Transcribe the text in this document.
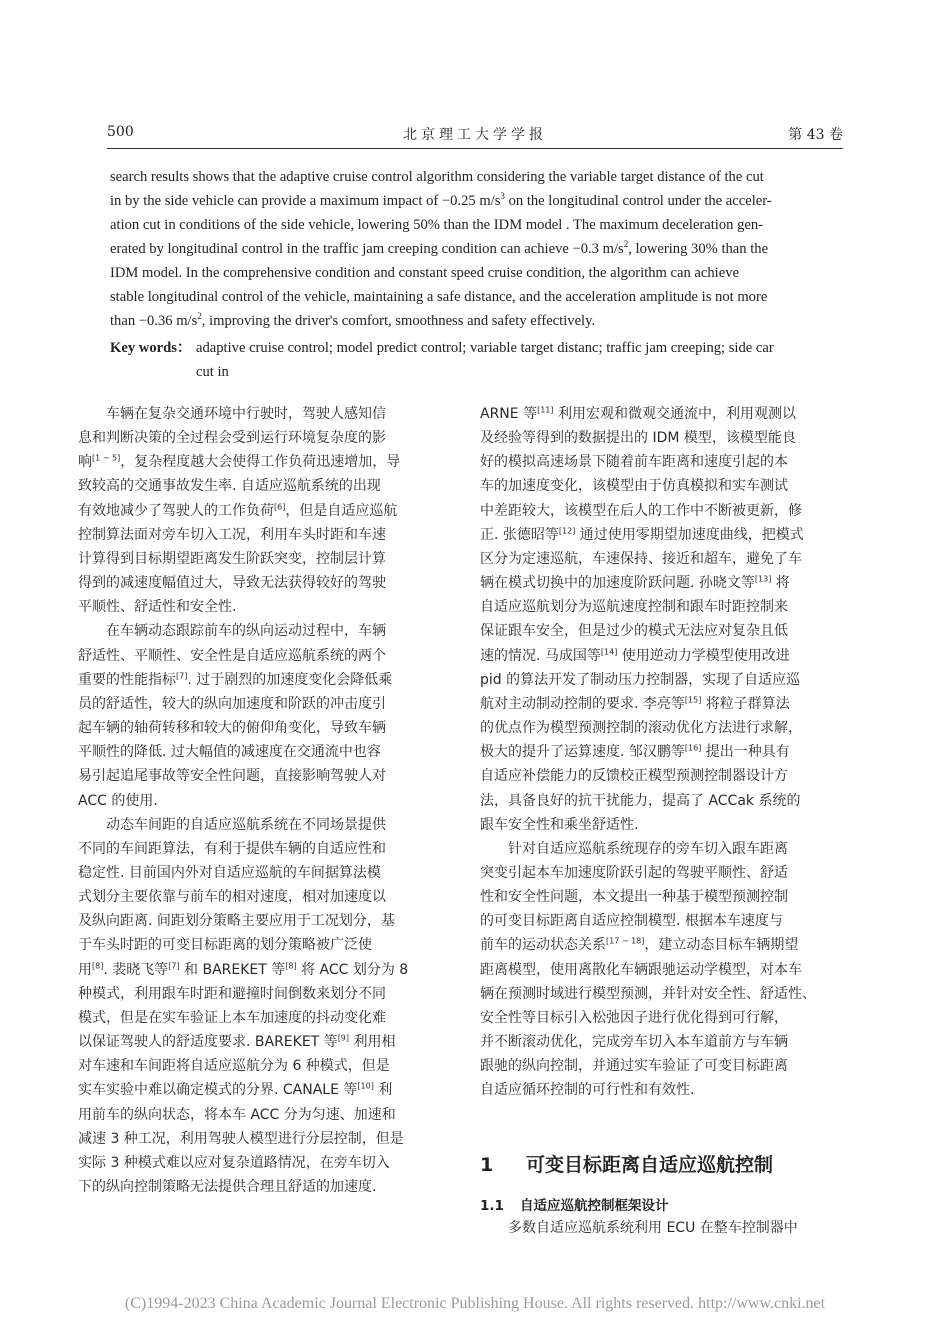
500	北京理工大学学报	第 43 卷
search results shows that the adaptive cruise control algorithm considering the variable target distance of the cut
in by the side vehicle can provide a maximum impact of −0.25 $m/s^3$ on the longitudinal control under the acceler-
ation cut in conditions of the side vehicle, lowering 50% than the IDM model . The maximum deceleration gen-
erated by longitudinal control in the traffic jam creeping condition can achieve −0.3 $m/s^2$, lowering 30% than the
IDM model. In the comprehensive condition and constant speed cruise condition, the algorithm can achieve
stable longitudinal control of the vehicle, maintaining a safe distance, and the acceleration amplitude is not more
than −0.36 $m/s^2$, improving the driver's comfort, smoothness and safety effectively.
Key words： adaptive cruise control; model predict control; variable target distanc; traffic jam creeping; side car
cut in
车辆在复杂交通环境中行驶时，驾驶人感知信
息和判断决策的全过程会受到运行环境复杂度的影
响[1 − 5]，复杂程度越大会使得工作负荷迅速增加，导
致较高的交通事故发生率. 自适应巡航系统的出现
有效地减少了驾驶人的工作负荷[6]，但是自适应巡航
控制算法面对旁车切入工况，利用车头时距和车速
计算得到目标期望距离发生阶跃突变，控制层计算
得到的减速度幅值过大，导致无法获得较好的驾驶
平顺性、舒适性和安全性.
在车辆动态跟踪前车的纵向运动过程中，车辆
舒适性、平顺性、安全性是自适应巡航系统的两个
重要的性能指标[7]. 过于剧烈的加速度变化会降低乘
员的舒适性，较大的纵向加速度和阶跃的冲击度引
起车辆的轴荷转移和较大的俯仰角变化，导致车辆
平顺性的降低. 过大幅值的减速度在交通流中也容
易引起追尾事故等安全性问题，直接影响驾驶人对
ACC 的使用.
动态车间距的自适应巡航系统在不同场景提供
不同的车间距算法，有利于提供车辆的自适应性和
稳定性. 目前国内外对自适应巡航的车间据算法模
式划分主要依靠与前车的相对速度，相对加速度以
及纵向距离. 间距划分策略主要应用于工况划分，基
于车头时距的可变目标距离的划分策略被广泛使
用[8]. 裴晓飞等[7] 和 BAREKET 等[8] 将 ACC 划分为 8
种模式，利用跟车时距和避撞时间倒数来划分不同
模式，但是在实车验证上本车加速度的抖动变化难
以保证驾驶人的舒适度要求. BAREKET 等[9] 利用相
对车速和车间距将自适应巡航分为 6 种模式，但是
实车实验中难以确定模式的分界. CANALE 等[10] 利
用前车的纵向状态，将本车 ACC 分为匀速、加速和
减速 3 种工况，利用驾驶人模型进行分层控制，但是
实际 3 种模式难以应对复杂道路情况，在旁车切入
下的纵向控制策略无法提供合理且舒适的加速度.
ARNE 等[11] 利用宏观和微观交通流中，利用观测以
及经验等得到的数据提出的 IDM 模型，该模型能良
好的模拟高速场景下随着前车距离和速度引起的本
车的加速度变化，该模型由于仿真模拟和实车测试
中差距较大，该模型在后人的工作中不断被更新，修
正. 张德昭等[12] 通过使用零期望加速度曲线，把模式
区分为定速巡航，车速保持、接近和超车，避免了车
辆在模式切换中的加速度阶跃问题. 孙晓文等[13] 将
自适应巡航划分为巡航速度控制和跟车时距控制来
保证跟车安全，但是过少的模式无法应对复杂且低
速的情况. 马成国等[14] 使用逆动力学模型使用改进
pid 的算法开发了制动压力控制器，实现了自适应巡
航对主动制动控制的要求. 李亮等[15] 将粒子群算法
的优点作为模型预测控制的滚动优化方法进行求解，
极大的提升了运算速度. 邹汉鹏等[16] 提出一种具有
自适应补偿能力的反馈校正模型预测控制器设计方
法，具备良好的抗干扰能力，提高了 ACCak 系统的
跟车安全性和乘坐舒适性.
针对自适应巡航系统现存的旁车切入跟车距离
突变引起本车加速度阶跃引起的驾驶平顺性、舒适
性和安全性问题，本文提出一种基于模型预测控制
的可变目标距离自适应控制模型. 根据本车速度与
前车的运动状态关系[17 − 18]，建立动态目标车辆期望
距离模型，使用离散化车辆跟驰运动学模型，对本车
辆在预测时域进行模型预测，并针对安全性、舒适性、
安全性等目标引入松弛因子进行优化得到可行解，
并不断滚动优化，完成旁车切入本车道前方与车辆
跟驰的纵向控制，并通过实车验证了可变目标距离
自适应循环控制的可行性和有效性.
1 可变目标距离自适应巡航控制
1.1 自适应巡航控制框架设计
多数自适应巡航系统利用 ECU 在整车控制器中
(C)1994-2023 China Academic Journal Electronic Publishing House. All rights reserved. http://www.cnki.net
